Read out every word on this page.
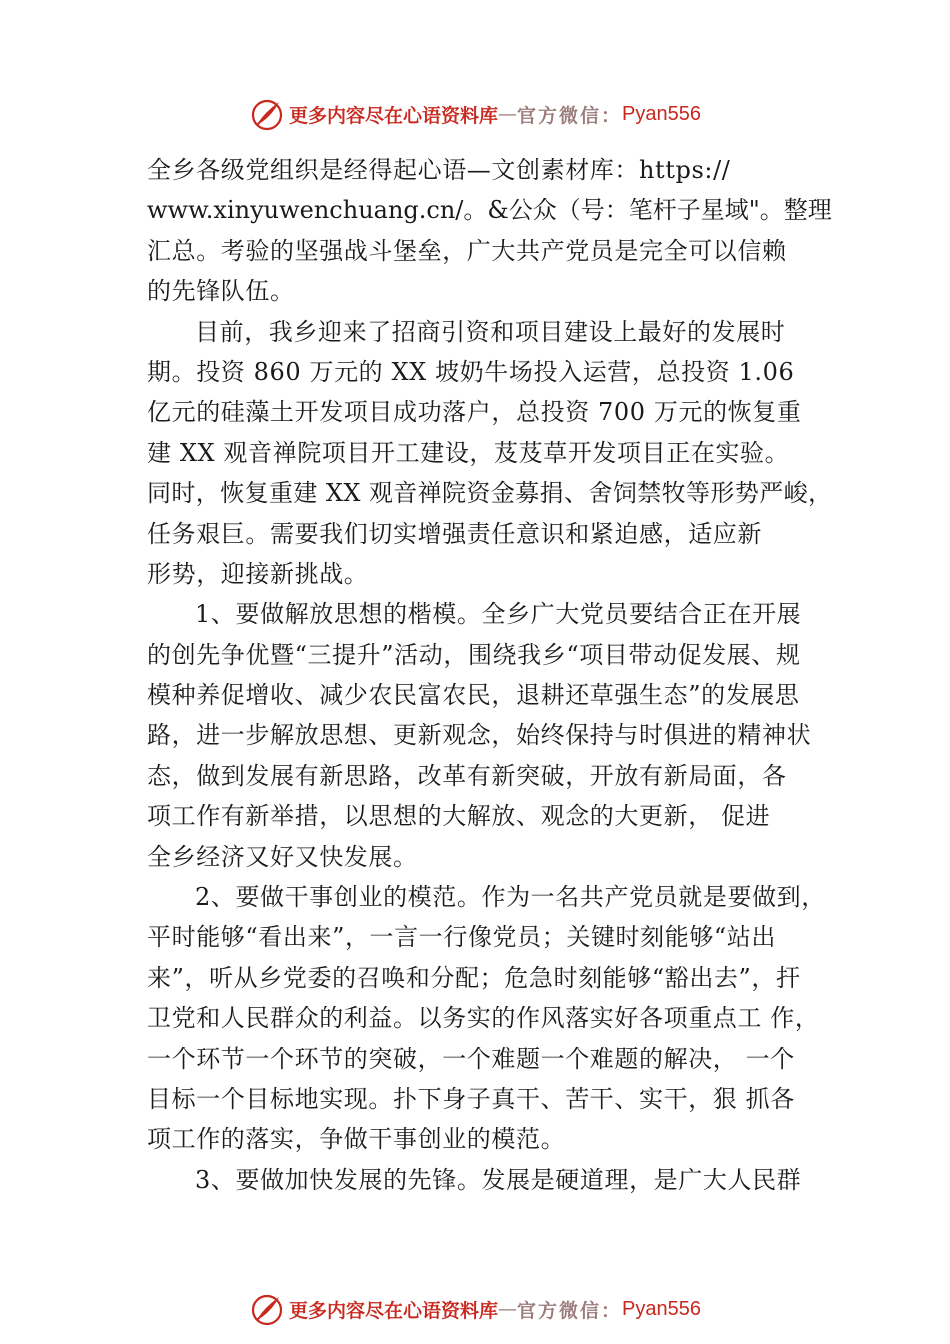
更多内容尽在心语资料库 — 官方微信： Pyan556
全乡各级党组织是经得起心语—文创素材库：https://
www.xinyuwenchuang.cn/。&公众（号：笔杆子星域"。整理
汇总。考验的坚强战斗堡垒，广大共产党员是完全可以信赖
的先锋队伍。
目前，我乡迎来了招商引资和项目建设上最好的发展时
期。投资 860 万元的 XX 坡奶牛场投入运营，总投资 1.06
亿元的硅藻土开发项目成功落户，总投资 700 万元的恢复重
建 XX 观音禅院项目开工建设，芨芨草开发项目正在实验。
同时，恢复重建 XX 观音禅院资金募捐、舍饲禁牧等形势严峻，
任务艰巨。需要我们切实增强责任意识和紧迫感，适应新
形势，迎接新挑战。
1、要做解放思想的楷模。全乡广大党员要结合正在开展
的创先争优暨“三提升”活动，围绕我乡“项目带动促发展、规
模种养促增收、减少农民富农民，退耕还草强生态”的发展思
路，进一步解放思想、更新观念，始终保持与时俱进的精神状
态，做到发展有新思路，改革有新突破，开放有新局面，各
项工作有新举措，以思想的大解放、观念的大更新， 促进
全乡经济又好又快发展。
2、要做干事创业的模范。作为一名共产党员就是要做到，
平时能够“看出来”，一言一行像党员；关键时刻能够“站出
来”，听从乡党委的召唤和分配；危急时刻能够“豁出去”，扞
卫党和人民群众的利益。以务实的作风落实好各项重点工 作，
一个环节一个环节的突破，一个难题一个难题的解决， 一个
目标一个目标地实现。扑下身子真干、苦干、实干，狠 抓各
项工作的落实，争做干事创业的模范。
3、要做加快发展的先锋。发展是硬道理，是广大人民群
更多内容尽在心语资料库 — 官方微信： Pyan556
